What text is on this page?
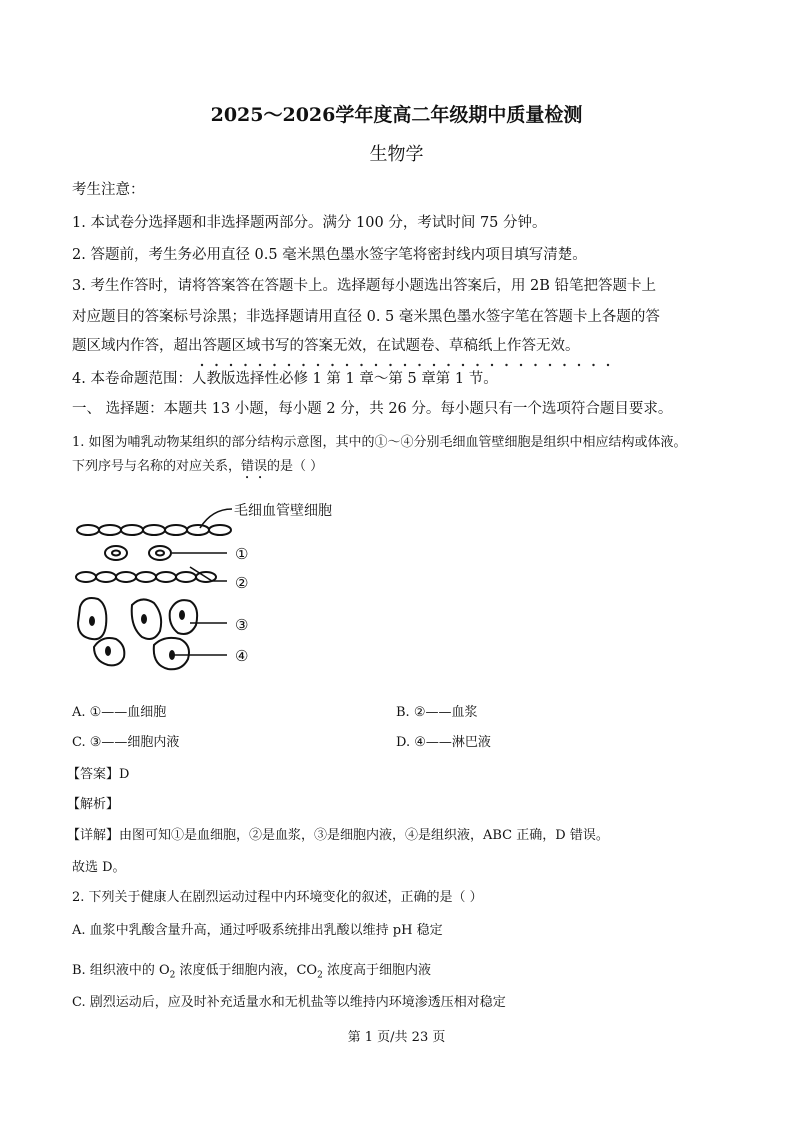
2025～2026学年度高二年级期中质量检测
生物学
考生注意：
1. 本试卷分选择题和非选择题两部分。满分 100 分，考试时间 75 分钟。
2. 答题前，考生务必用直径 0.5 毫米黑色墨水签字笔将密封线内项目填写清楚。
3. 考生作答时，请将答案答在答题卡上。选择题每小题选出答案后，用 2B 铅笔把答题卡上
对应题目的答案标号涂黑；非选择题请用直径 0. 5 毫米黑色墨水签字笔在答题卡上各题的答
题区域内作答，超出答题区域书写的答案无效，在试题卷、草稿纸上作答无效。
4. 本卷命题范围：人教版选择性必修 1 第 1 章～第 5 章第 1 节。
一、 选择题：本题共 13 小题，每小题 2 分，共 26 分。每小题只有一个选项符合题目要求。
1. 如图为哺乳动物某组织的部分结构示意图，其中的①～④分别毛细血管壁细胞是组织中相应结构或体液。
下列序号与名称的对应关系，错误的是（ ）
毛细血管壁细胞
①
②
③
④
A. ①——血细胞	B. ②——血浆
C. ③——细胞内液	D. ④——淋巴液
【答案】D
【解析】
【详解】由图可知①是血细胞，②是血浆，③是细胞内液，④是组织液，ABC 正确，D 错误。
故选 D。
2. 下列关于健康人在剧烈运动过程中内环境变化的叙述，正确的是（ ）
A. 血浆中乳酸含量升高，通过呼吸系统排出乳酸以维持 pH 稳定
B. 组织液中的 $O_2$ 浓度低于细胞内液，$CO_2$ 浓度高于细胞内液
C. 剧烈运动后，应及时补充适量水和无机盐等以维持内环境渗透压相对稳定
第 1 页/共 23 页
